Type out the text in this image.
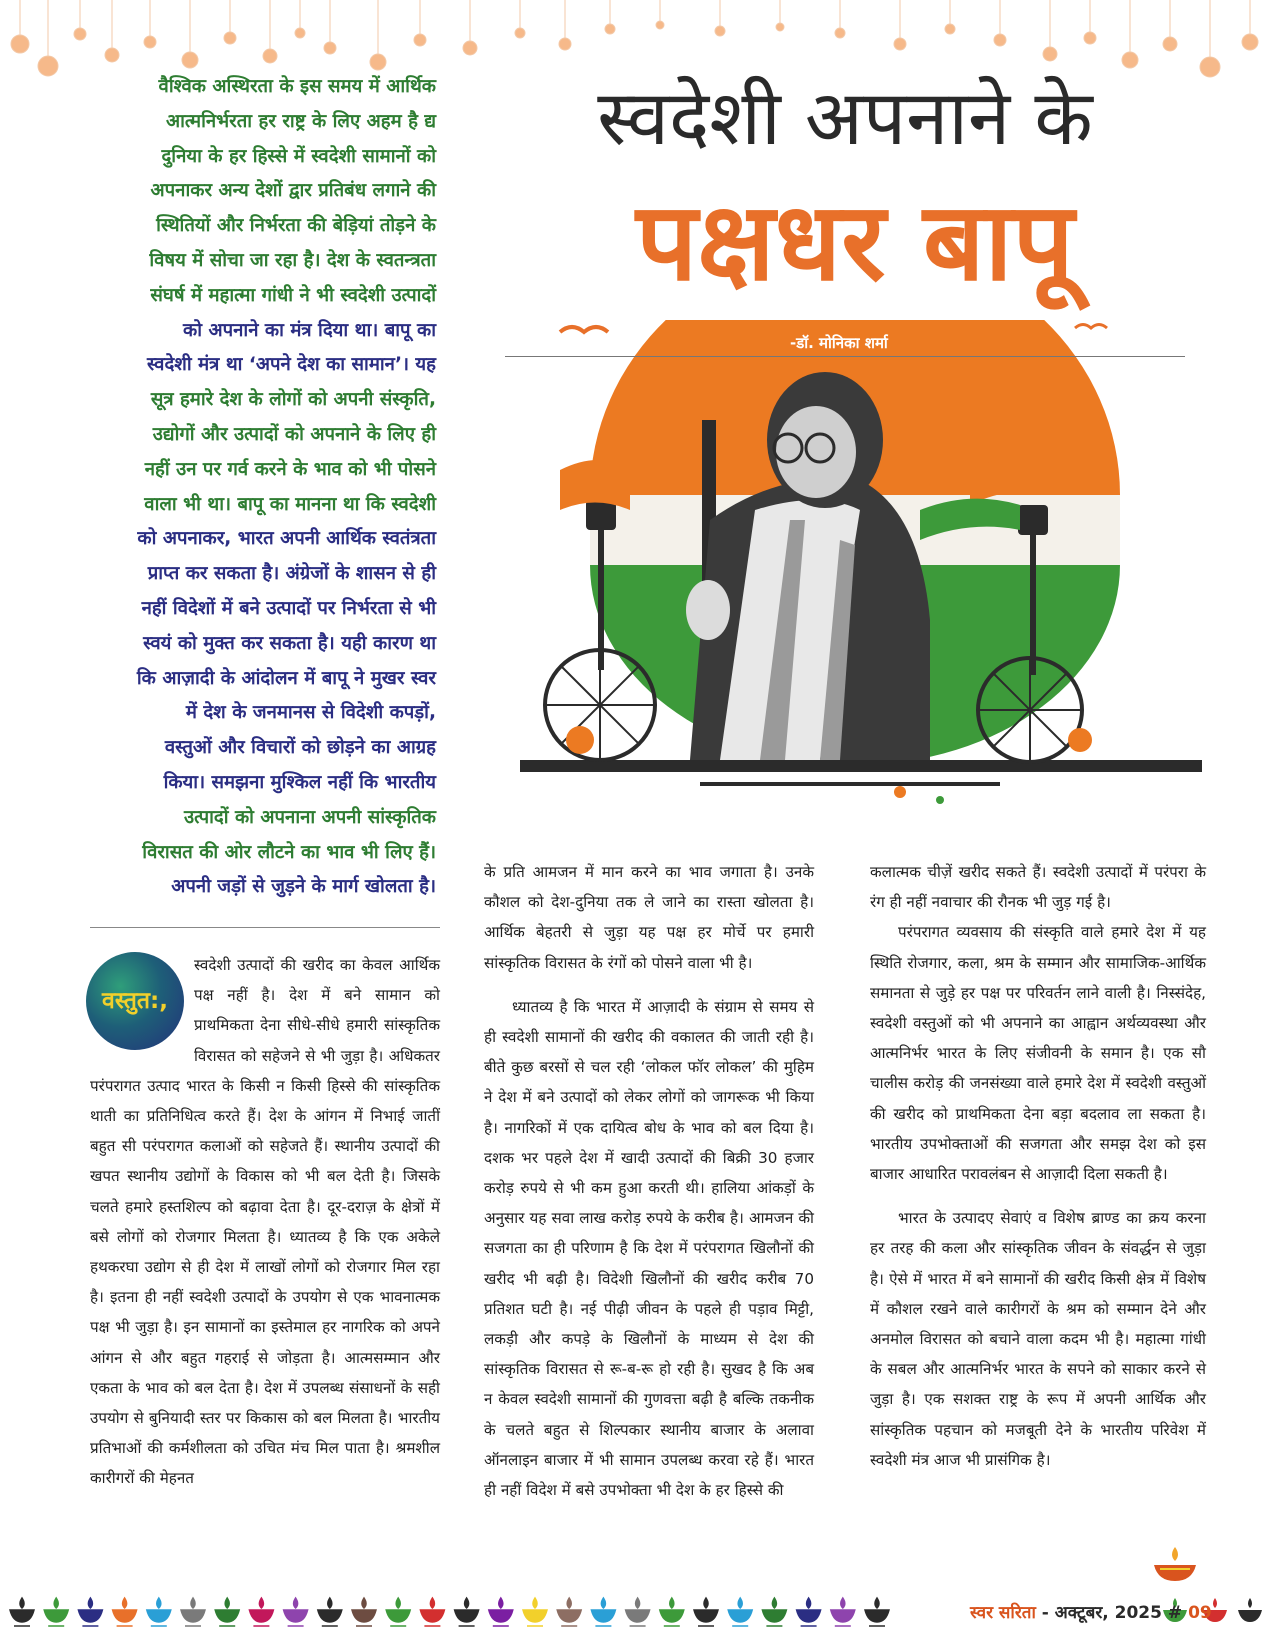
वैश्विक अस्थिरता के इस समय में आर्थिक
आत्मनिर्भरता हर राष्ट्र के लिए अहम है द्य
दुनिया के हर हिस्से में स्वदेशी सामानों को
अपनाकर अन्य देशों द्वार प्रतिबंध लगाने की
स्थितियों और निर्भरता की बेड़ियां तोड़ने के
विषय में सोचा जा रहा है। देश के स्वतन्त्रता
संघर्ष में महात्मा गांधी ने भी स्वदेशी उत्पादों
को अपनाने का मंत्र दिया था। बापू का
स्वदेशी मंत्र था ‘अपने देश का सामान’। यह
सूत्र हमारे देश के लोगों को अपनी संस्कृति,
उद्योगों और उत्पादों को अपनाने के लिए ही
नहीं उन पर गर्व करने के भाव को भी पोसने
वाला भी था। बापू का मानना था कि स्वदेशी
को अपनाकर, भारत अपनी आर्थिक स्वतंत्रता
प्राप्त कर सकता है। अंग्रेजों के शासन से ही
नहीं विदेशों में बने उत्पादों पर निर्भरता से भी
स्वयं को मुक्त कर सकता है। यही कारण था
कि आज़ादी के आंदोलन में बापू ने मुखर स्वर
में देश के जनमानस से विदेशी कपड़ों,
वस्तुओं और विचारों को छोड़ने का आग्रह
किया। समझना मुश्किल नहीं कि भारतीय
उत्पादों को अपनाना अपनी सांस्कृतिक
विरासत की ओर लौटने का भाव भी लिए हैं।
अपनी जड़ों से जुड़ने के मार्ग खोलता है।
स्वदेशी अपनाने के
पक्षधर बापू
-डॉ. मोनिका शर्मा
वस्तुत:,

स्वदेशी उत्पादों की खरीद का केवल आर्थिक पक्ष नहीं है। देश में बने सामान को प्राथमिकता देना सीधे-सीधे हमारी सांस्कृतिक विरासत को सहेजने से भी जुड़ा है। अधिकतर परंपरागत उत्पाद भारत के किसी न किसी हिस्से की सांस्कृतिक थाती का प्रतिनिधित्व करते हैं। देश के आंगन में निभाई जातीं बहुत सी परंपरागत कलाओं को सहेजते हैं। स्थानीय उत्पादों की खपत स्थानीय उद्योगों के विकास को भी बल देती है। जिसके चलते हमारे हस्तशिल्प को बढ़ावा देता है। दूर-दराज़ के क्षेत्रों में बसे लोगों को रोजगार मिलता है। ध्यातव्य है कि एक अकेले हथकरघा उद्योग से ही देश में लाखों लोगों को रोजगार मिल रहा है। इतना ही नहीं स्वदेशी उत्पादों के उपयोग से एक भावनात्मक पक्ष भी जुड़ा है। इन सामानों का इस्तेमाल हर नागरिक को अपने आंगन से और बहुत गहराई से जोड़ता है। आत्मसम्मान और एकता के भाव को बल देता है। देश में उपलब्ध संसाधनों के सही उपयोग से बुनियादी स्तर पर किकास को बल मिलता है। भारतीय प्रतिभाओं की कर्मशीलता को उचित मंच मिल पाता है। श्रमशील कारीगरों की मेहनत

के प्रति आमजन में मान करने का भाव जगाता है। उनके कौशल को देश-दुनिया तक ले जाने का रास्ता खोलता है। आर्थिक बेहतरी से जुड़ा यह पक्ष हर मोर्चे पर हमारी सांस्कृतिक विरासत के रंगों को पोसने वाला भी है।

ध्यातव्य है कि भारत में आज़ादी के संग्राम से समय से ही स्वदेशी सामानों की खरीद की वकालत की जाती रही है। बीते कुछ बरसों से चल रही ‘लोकल फॉर लोकल’ की मुहिम ने देश में बने उत्पादों को लेकर लोगों को जागरूक भी किया है। नागरिकों में एक दायित्व बोध के भाव को बल दिया है। दशक भर पहले देश में खादी उत्पादों की बिक्री 30 हजार करोड़ रुपये से भी कम हुआ करती थी। हालिया आंकड़ों के अनुसार यह सवा लाख करोड़ रुपये के करीब है। आमजन की सजगता का ही परिणाम है कि देश में परंपरागत खिलौनों की खरीद भी बढ़ी है। विदेशी खिलौनों की खरीद करीब 70 प्रतिशत घटी है। नई पीढ़ी जीवन के पहले ही पड़ाव मिट्टी, लकड़ी और कपड़े के खिलौनों के माध्यम से देश की सांस्कृतिक विरासत से रू-ब-रू हो रही है। सुखद है कि अब न केवल स्वदेशी सामानों की गुणवत्ता बढ़ी है बल्कि तकनीक के चलते बहुत से शिल्पकार स्थानीय बाजार के अलावा ऑनलाइन बाजार में भी सामान उपलब्ध करवा रहे हैं। भारत ही नहीं विदेश में बसे उपभोक्ता भी देश के हर हिस्से की

कलात्मक चीज़ें खरीद सकते हैं। स्वदेशी उत्पादों में परंपरा के रंग ही नहीं नवाचार की रौनक भी जुड़ गई है।

परंपरागत व्यवसाय की संस्कृति वाले हमारे देश में यह स्थिति रोजगार, कला, श्रम के सम्मान और सामाजिक-आर्थिक समानता से जुड़े हर पक्ष पर परिवर्तन लाने वाली है। निस्संदेह, स्वदेशी वस्तुओं को भी अपनाने का आह्वान अर्थव्यवस्था और आत्मनिर्भर भारत के लिए संजीवनी के समान है। एक सौ चालीस करोड़ की जनसंख्या वाले हमारे देश में स्वदेशी वस्तुओं की खरीद को प्राथमिकता देना बड़ा बदलाव ला सकता है। भारतीय उपभोक्ताओं की सजगता और समझ देश को इस बाजार आधारित परावलंबन से आज़ादी दिला सकती है।

भारत के उत्पादए सेवाएं व विशेष ब्राण्ड का क्रय करना हर तरह की कला और सांस्कृतिक जीवन के संवर्द्धन से जुड़ा है। ऐसे में भारत में बने सामानों की खरीद किसी क्षेत्र में विशेष में कौशल रखने वाले कारीगरों के श्रम को सम्मान देने और अनमोल विरासत को बचाने वाला कदम भी है। महात्मा गांधी के सबल और आत्मनिर्भर भारत के सपने को साकार करने से जुड़ा है। एक सशक्त राष्ट्र के रूप में अपनी आर्थिक और सांस्कृतिक पहचान को मजबूती देने के भारतीय परिवेश में स्वदेशी मंत्र आज भी प्रासंगिक है।

स्वर सरिता - अक्टूबर, 2025 # 09
